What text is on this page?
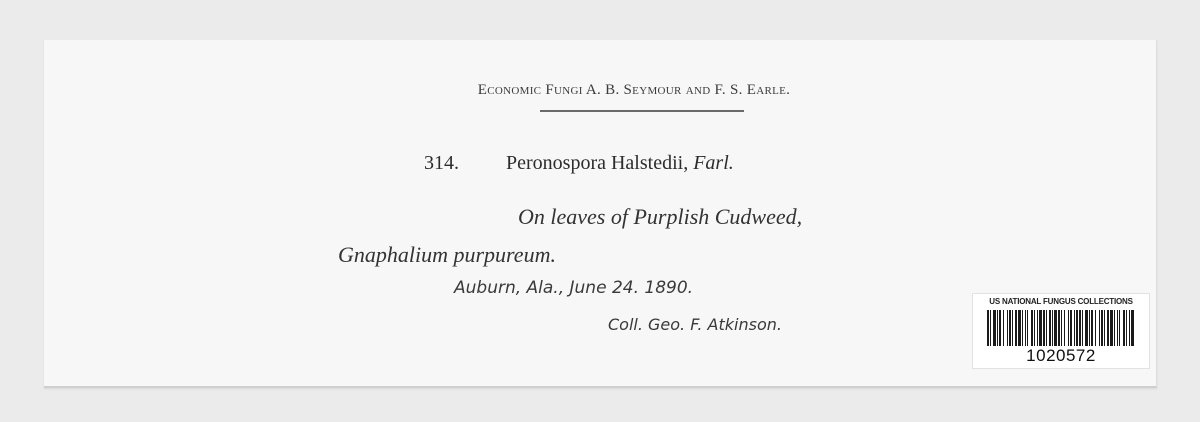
Economic Fungi A. B. Seymour and F. S. Earle.
314. Peronospora Halstedii, Farl.
On leaves of Purplish Cudweed,
Gnaphalium purpureum.
Auburn, Ala., June 24. 1890.
Coll. Geo. F. Atkinson.
US NATIONAL FUNGUS COLLECTIONS
1020572
